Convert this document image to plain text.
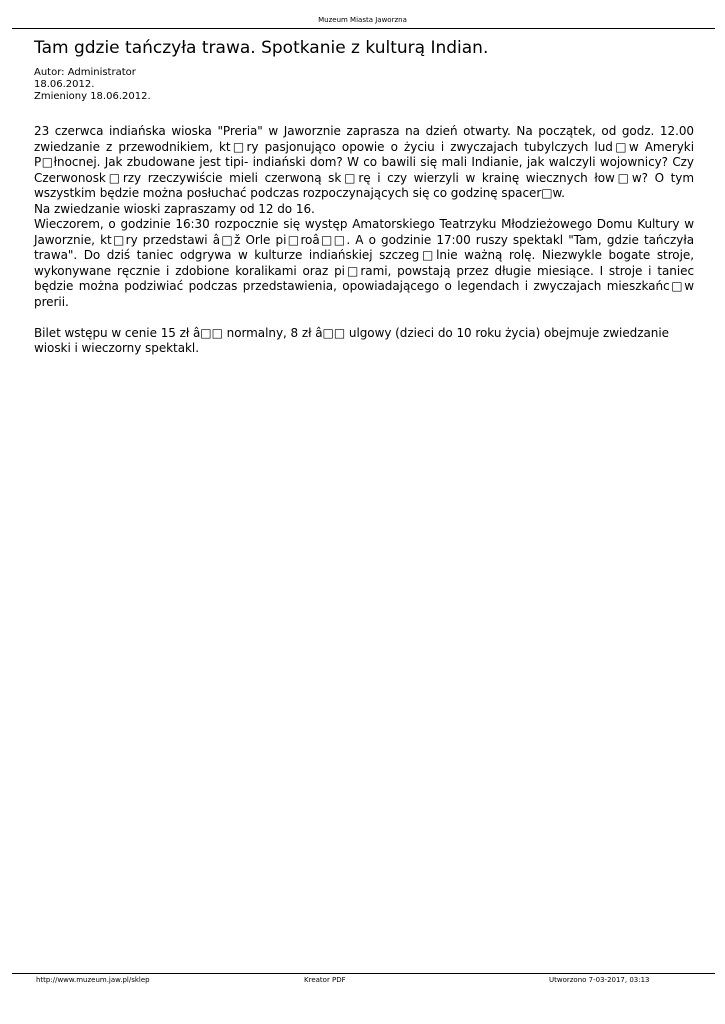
Muzeum Miasta Jaworzna
Tam gdzie tańczyła trawa. Spotkanie z kulturą Indian.
Autor: Administrator
18.06.2012.
Zmieniony 18.06.2012.

23 czerwca indiańska wioska "Preria" w Jaworznie zaprasza na dzień otwarty. Na początek, od godz. 12.00 zwiedzanie z przewodnikiem, kt□ry pasjonująco opowie o życiu i zwyczajach tubylczych lud□w Ameryki P□łnocnej. Jak zbudowane jest tipi- indiański dom? W co bawili się mali Indianie, jak walczyli wojownicy? Czy Czerwonosk□rzy rzeczywiście mieli czerwoną sk□rę i czy wierzyli w krainę wiecznych łow□w? O tym wszystkim będzie można posłuchać podczas rozpoczynających się co godzinę spacer□w.

Na zwiedzanie wioski zapraszamy od 12 do 16.

Wieczorem, o godzinie 16:30 rozpocznie się występ Amatorskiego Teatrzyku Młodzieżowego Domu Kultury w Jaworznie, kt□ry przedstawi â□ž Orle pi□roâ□□. A o godzinie 17:00 ruszy spektakl "Tam, gdzie tańczyła trawa". Do dziś taniec odgrywa w kulturze indiańskiej szczeg□lnie ważną rolę. Niezwykle bogate stroje, wykonywane ręcznie i zdobione koralikami oraz pi□rami, powstają przez długie miesiące. I stroje i taniec będzie można podziwiać podczas przedstawienia, opowiadającego o legendach i zwyczajach mieszkańc□w prerii.

Bilet wstępu w cenie 15 zł â□□ normalny, 8 zł â□□ ulgowy (dzieci do 10 roku życia) obejmuje zwiedzanie wioski i wieczorny spektakl.

http://www.muzeum.jaw.pl/sklep	Kreator PDF	Utworzono 7-03-2017, 03:13
